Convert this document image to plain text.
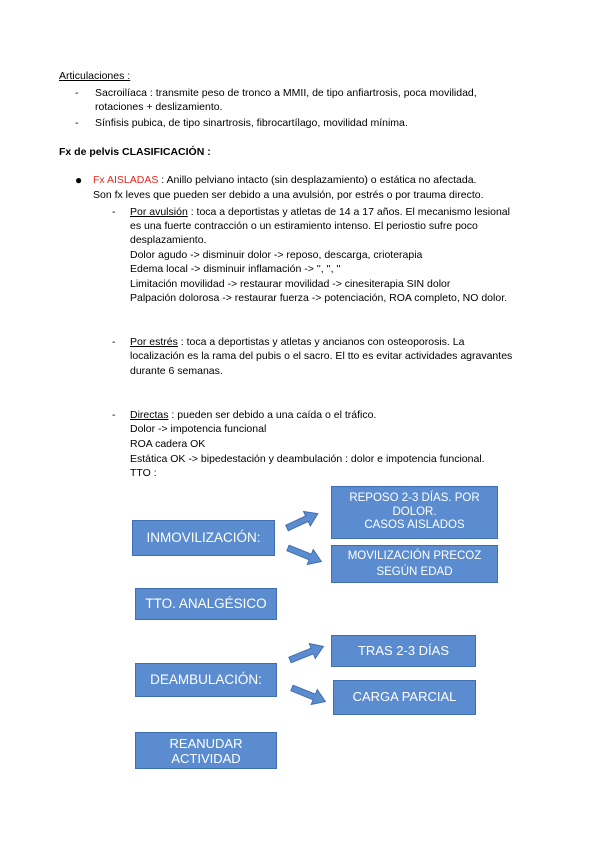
Articulaciones :
- Sacroilíaca : transmite peso de tronco a MMII, de tipo anfiartrosis, poca movilidad,
rotaciones + deslizamiento.
- Sínfisis pubica, de tipo sinartrosis, fibrocartílago, movilidad mínima.
Fx de pelvis CLASIFICACIÓN :
● Fx AISLADAS : Anillo pelviano intacto (sin desplazamiento) o estática no afectada.
Son fx leves que pueden ser debido a una avulsión, por estrés o por trauma directo.
- Por avulsión : toca a deportistas y atletas de 14 a 17 años. El mecanismo lesional
es una fuerte contracción o un estiramiento intenso. El periostio sufre poco
desplazamiento.
Dolor agudo -> disminuir dolor -> reposo, descarga, crioterapia
Edema local -> disminuir inflamación -> '', '', ''
Limitación movilidad -> restaurar movilidad -> cinesiterapia SIN dolor
Palpación dolorosa -> restaurar fuerza -> potenciación, ROA completo, NO dolor.
- Por estrés : toca a deportistas y atletas y ancianos con osteoporosis. La
localización es la rama del pubis o el sacro. El tto es evitar actividades agravantes
durante 6 semanas.
- Directas : pueden ser debido a una caída o el tráfico.
Dolor -> impotencia funcional
ROA cadera OK
Estática OK -> bipedestación y deambulación : dolor e impotencia funcional.
TTO :
INMOVILIZACIÓN:
REPOSO 2-3 DÍAS. POR
DOLOR.
CASOS AISLADOS
MOVILIZACIÓN PRECOZ
SEGÚN EDAD
TTO. ANALGÉSICO
TRAS 2-3 DÍAS
DEAMBULACIÓN:
CARGA PARCIAL
REANUDAR
ACTIVIDAD
